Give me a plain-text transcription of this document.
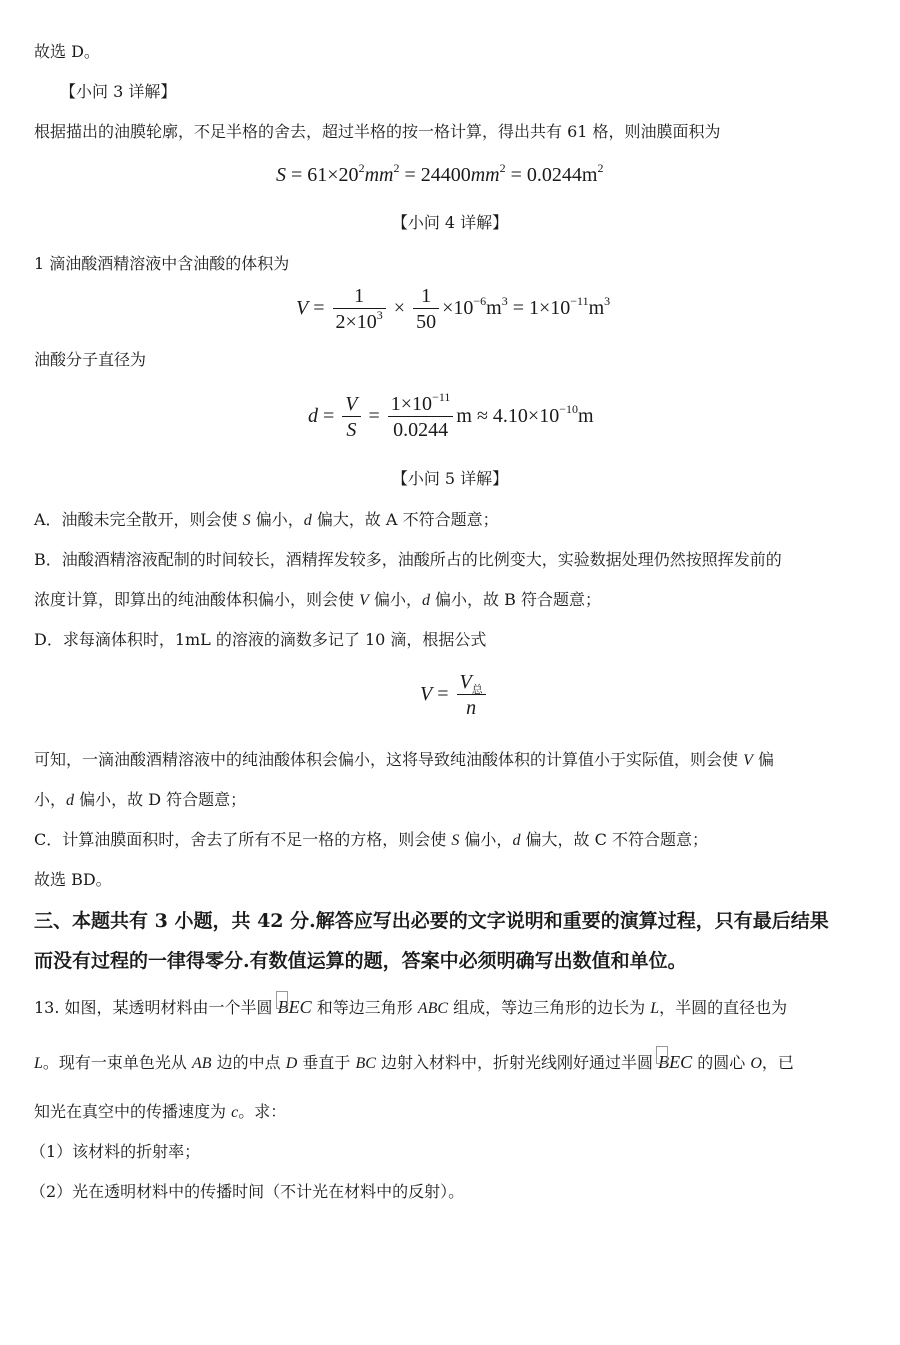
故选 D。
【小问 3 详解】
根据描出的油膜轮廓，不足半格的舍去，超过半格的按一格计算，得出共有 61 格，则油膜面积为
$S = 61\times 20^2mm^2 = 24400mm^2 = 0.0244m^2$
【小问 4 详解】
1 滴油酸酒精溶液中含油酸的体积为
$V = \frac{1}{2\times 10^3} \times \frac{1}{50} \times 10^{-6}m^3 = 1\times 10^{-11}m^3$
油酸分子直径为
$d = \frac{V}{S} = \frac{1\times 10^{-11}}{0.0244}$ $m \approx 4.10\times 10^{-10}m$
【小问 5 详解】
A．油酸未完全散开，则会使 S 偏小，d 偏大，故 A 不符合题意；
B．油酸酒精溶液配制的时间较长，酒精挥发较多，油酸所占的比例变大，实验数据处理仍然按照挥发前的
浓度计算，即算出的纯油酸体积偏小，则会使 V 偏小，d 偏小，故 B 符合题意；
D．求每滴体积时，1mL 的溶液的滴数多记了 10 滴，根据公式
$V = \frac{V_总}{n}$
可知，一滴油酸酒精溶液中的纯油酸体积会偏小，这将导致纯油酸体积的计算值小于实际值，则会使 V 偏
小，d 偏小，故 D 符合题意；
C．计算油膜面积时，舍去了所有不足一格的方格，则会使 S 偏小，d 偏大，故 C 不符合题意；
故选 BD。
三、本题共有 3 小题，共 42 分.解答应写出必要的文字说明和重要的演算过程，只有最后结果
而没有过程的一律得零分.有数值运算的题，答案中必须明确写出数值和单位。
13. 如图，某透明材料由一个半圆
BEC 和等边三角形 ABC 组成，等边三角形的边长为 L，半圆的直径也为
L。现有一束单色光从 AB 边的中点 D 垂直于 BC 边射入材料中，折射光线刚好通过半圆
BEC 的圆心 O，已
知光在真空中的传播速度为 c。求：
（1）该材料的折射率；
（2）光在透明材料中的传播时间（不计光在材料中的反射）。
